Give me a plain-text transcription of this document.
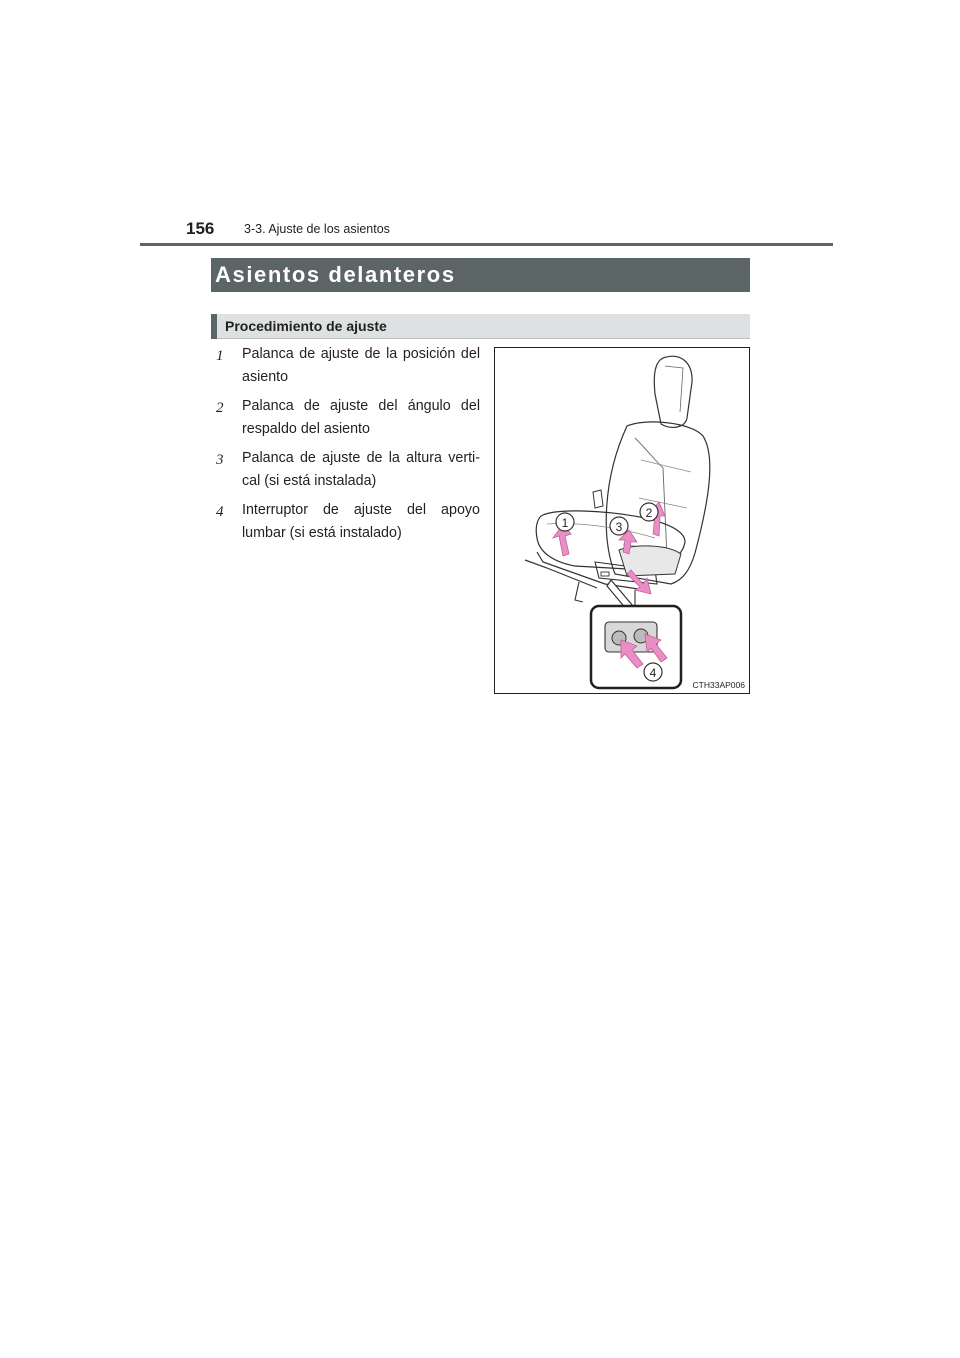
156 3-3. Ajuste de los asientos
Asientos delanteros
Procedimiento de ajuste
1	Palanca de ajuste de la posición del asiento
2	Palanca de ajuste del ángulo del respaldo del asiento
3	Palanca de ajuste de la altura verti-cal (si está instalada)
4	Interruptor de ajuste del apoyo lumbar (si está instalado)
1	3
2
4
CTH33AP006
